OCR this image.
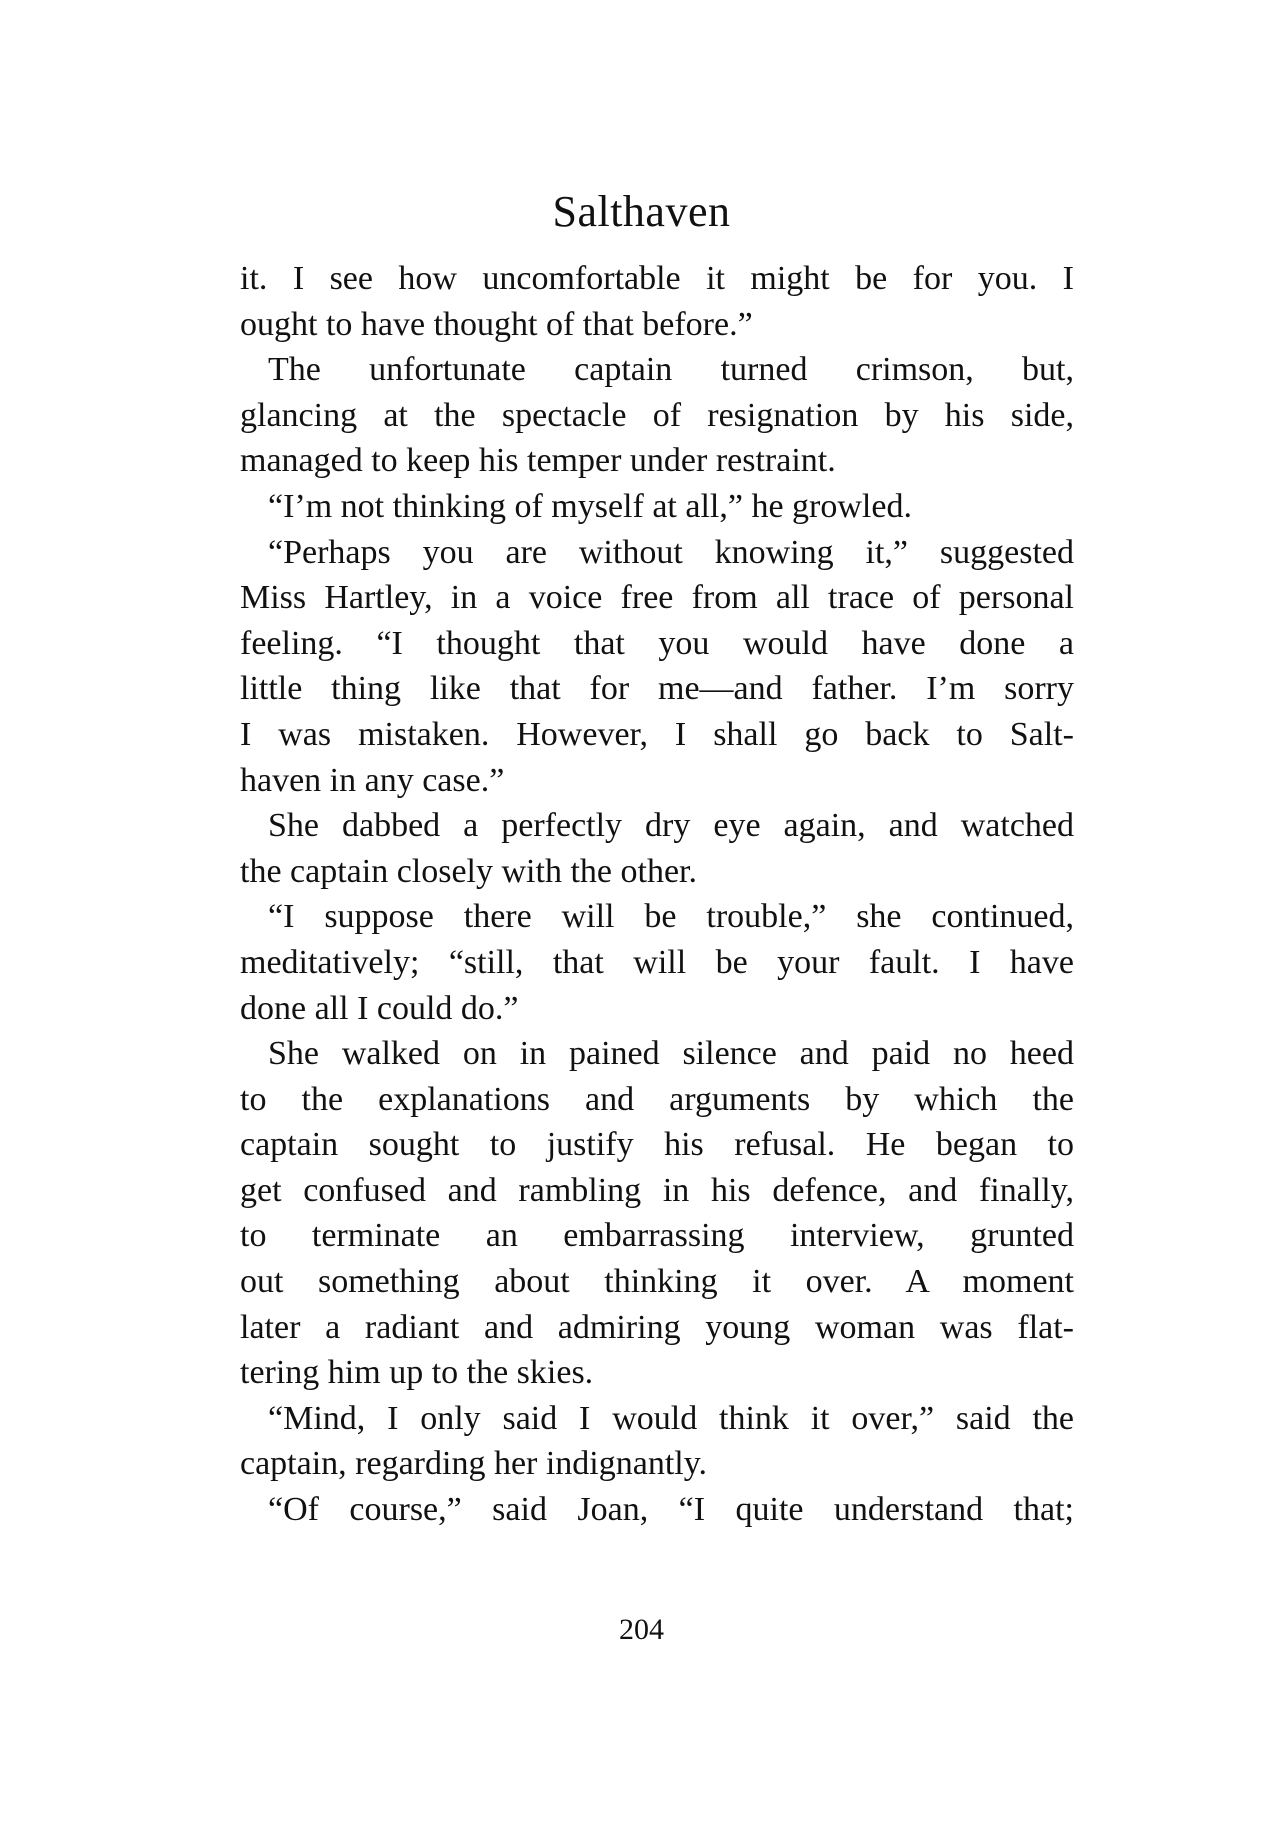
Salthaven
it. I see how uncomfortable it might be for you. I
ought to have thought of that before.”
The unfortunate captain turned crimson, but,
glancing at the spectacle of resignation by his side,
managed to keep his temper under restraint.
“I’m not thinking of myself at all,” he growled.
“Perhaps you are without knowing it,” suggested
Miss Hartley, in a voice free from all trace of personal
feeling. “I thought that you would have done a
little thing like that for me—and father. I’m sorry
I was mistaken. However, I shall go back to Salt-
haven in any case.”
She dabbed a perfectly dry eye again, and watched
the captain closely with the other.
“I suppose there will be trouble,” she continued,
meditatively; “still, that will be your fault. I have
done all I could do.”
She walked on in pained silence and paid no heed
to the explanations and arguments by which the
captain sought to justify his refusal. He began to
get confused and rambling in his defence, and finally,
to terminate an embarrassing interview, grunted
out something about thinking it over. A moment
later a radiant and admiring young woman was flat-
tering him up to the skies.
“Mind, I only said I would think it over,” said the
captain, regarding her indignantly.
“Of course,” said Joan, “I quite understand that;
204
